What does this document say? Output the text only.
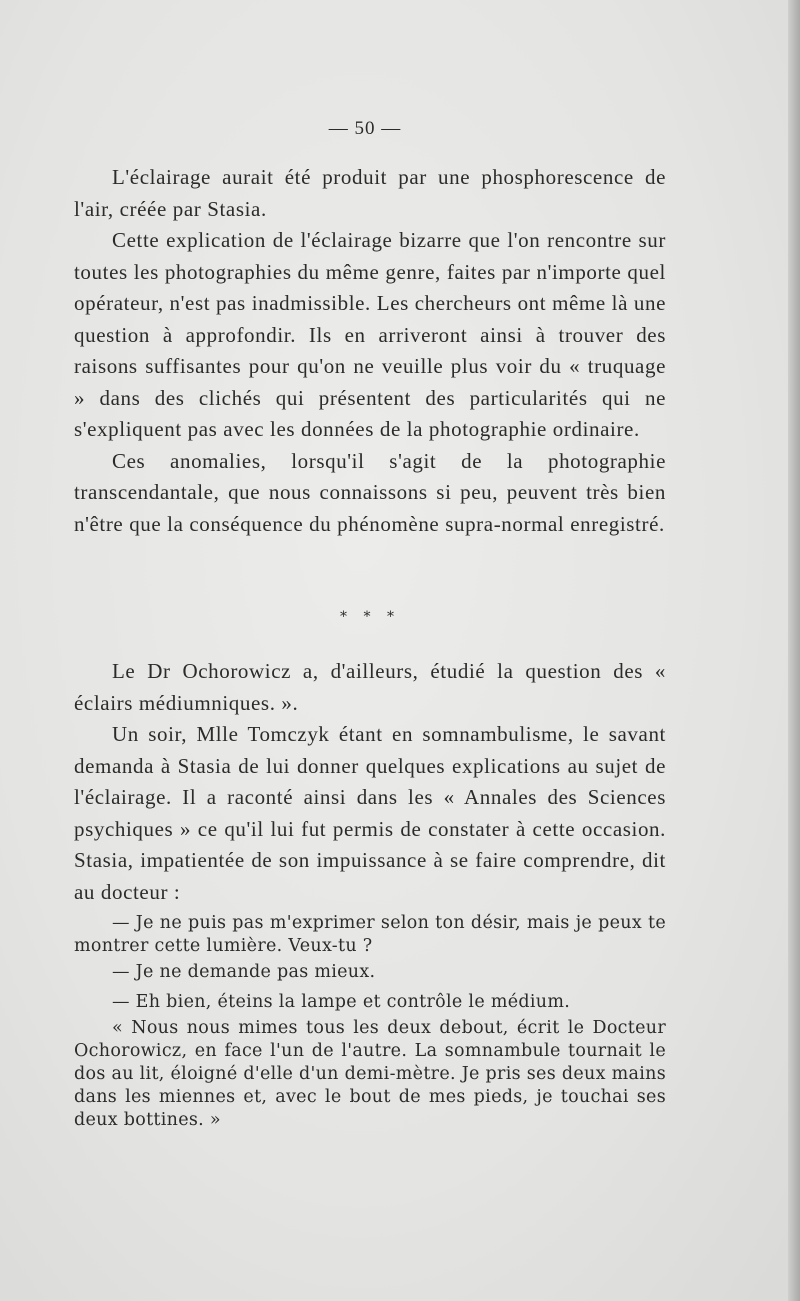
— 50 —

L'éclairage aurait été produit par une phosphorescence de l'air, créée par Stasia.

Cette explication de l'éclairage bizarre que l'on rencontre sur toutes les photographies du même genre, faites par n'importe quel opérateur, n'est pas inadmissible. Les chercheurs ont même là une question à approfondir. Ils en arriveront ainsi à trouver des raisons suffisantes pour qu'on ne veuille plus voir du « truquage » dans des clichés qui présentent des particularités qui ne s'expliquent pas avec les données de la photographie ordinaire.

Ces anomalies, lorsqu'il s'agit de la photographie transcendantale, que nous connaissons si peu, peuvent très bien n'être que la conséquence du phénomène supra-normal enregistré.

* * *

Le Dr Ochorowicz a, d'ailleurs, étudié la question des « éclairs médiumniques. ».

Un soir, Mlle Tomczyk étant en somnambulisme, le savant demanda à Stasia de lui donner quelques explications au sujet de l'éclairage. Il a raconté ainsi dans les « Annales des Sciences psychiques » ce qu'il lui fut permis de constater à cette occasion. Stasia, impatientée de son impuissance à se faire comprendre, dit au docteur :

— Je ne puis pas m'exprimer selon ton désir, mais je peux te montrer cette lumière. Veux-tu ?

— Je ne demande pas mieux.

— Eh bien, éteins la lampe et contrôle le médium.

« Nous nous mimes tous les deux debout, écrit le Docteur Ochorowicz, en face l'un de l'autre. La somnambule tournait le dos au lit, éloigné d'elle d'un demi-mètre. Je pris ses deux mains dans les miennes et, avec le bout de mes pieds, je touchai ses deux bottines. »
